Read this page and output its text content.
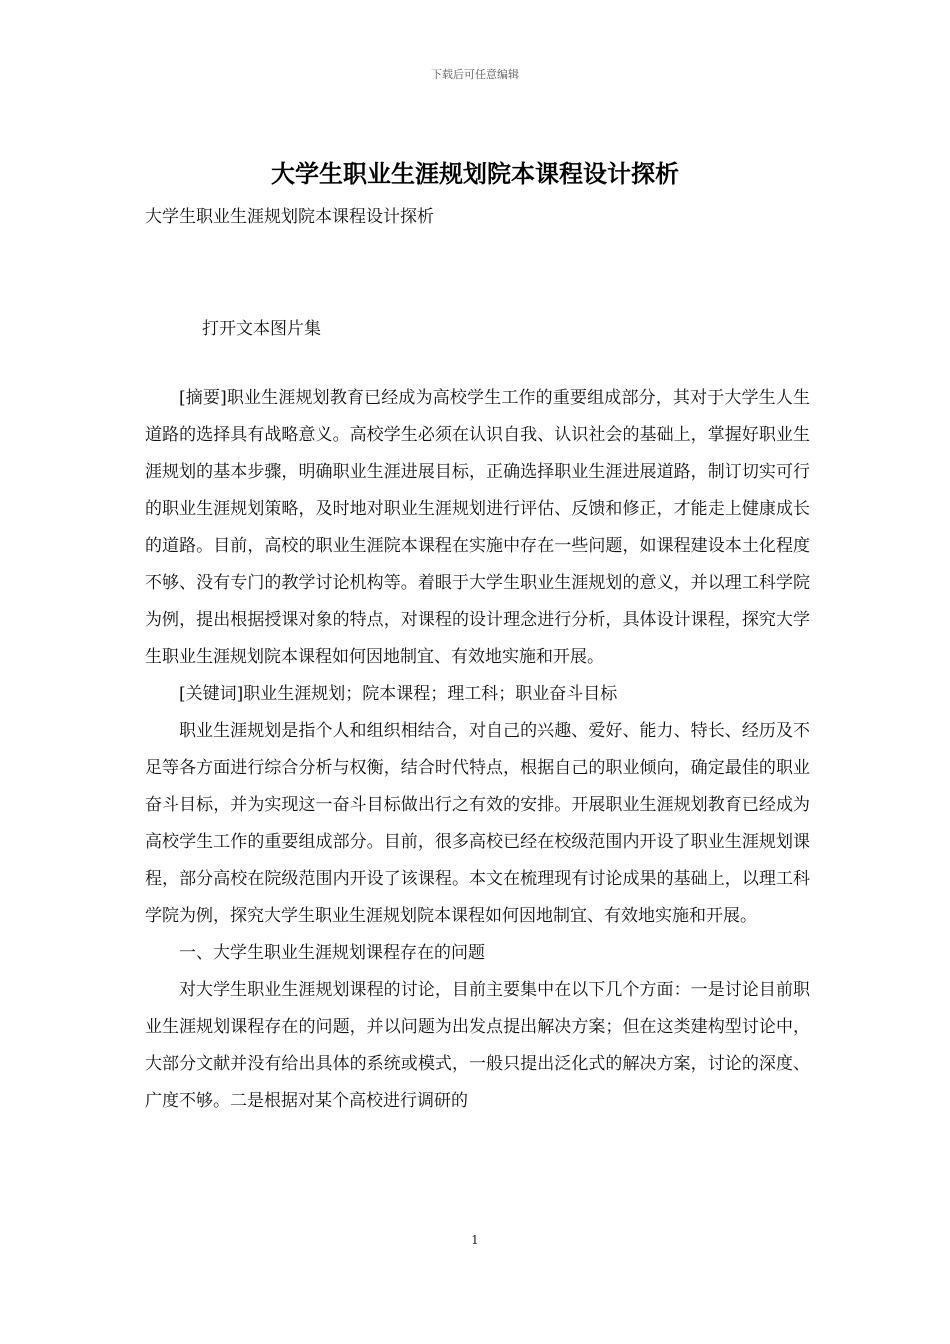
下载后可任意编辑
大学生职业生涯规划院本课程设计探析
大学生职业生涯规划院本课程设计探析
打开文本图片集

[摘要]职业生涯规划教育已经成为高校学生工作的重要组成部分，其对于大学生人生道路的选择具有战略意义。高校学生必须在认识自我、认识社会的基础上，掌握好职业生涯规划的基本步骤，明确职业生涯进展目标，正确选择职业生涯进展道路，制订切实可行的职业生涯规划策略，及时地对职业生涯规划进行评估、反馈和修正，才能走上健康成长的道路。目前，高校的职业生涯院本课程在实施中存在一些问题，如课程建设本土化程度不够、没有专门的教学讨论机构等。着眼于大学生职业生涯规划的意义，并以理工科学院为例，提出根据授课对象的特点，对课程的设计理念进行分析，具体设计课程，探究大学生职业生涯规划院本课程如何因地制宜、有效地实施和开展。

[关键词]职业生涯规划；院本课程；理工科；职业奋斗目标

职业生涯规划是指个人和组织相结合，对自己的兴趣、爱好、能力、特长、经历及不足等各方面进行综合分析与权衡，结合时代特点，根据自己的职业倾向，确定最佳的职业奋斗目标，并为实现这一奋斗目标做出行之有效的安排。开展职业生涯规划教育已经成为高校学生工作的重要组成部分。目前，很多高校已经在校级范围内开设了职业生涯规划课程，部分高校在院级范围内开设了该课程。本文在梳理现有讨论成果的基础上，以理工科学院为例，探究大学生职业生涯规划院本课程如何因地制宜、有效地实施和开展。

一、大学生职业生涯规划课程存在的问题

对大学生职业生涯规划课程的讨论，目前主要集中在以下几个方面：一是讨论目前职业生涯规划课程存在的问题，并以问题为出发点提出解决方案；但在这类建构型讨论中，大部分文献并没有给出具体的系统或模式，一般只提出泛化式的解决方案，讨论的深度、广度不够。二是根据对某个高校进行调研的

1
